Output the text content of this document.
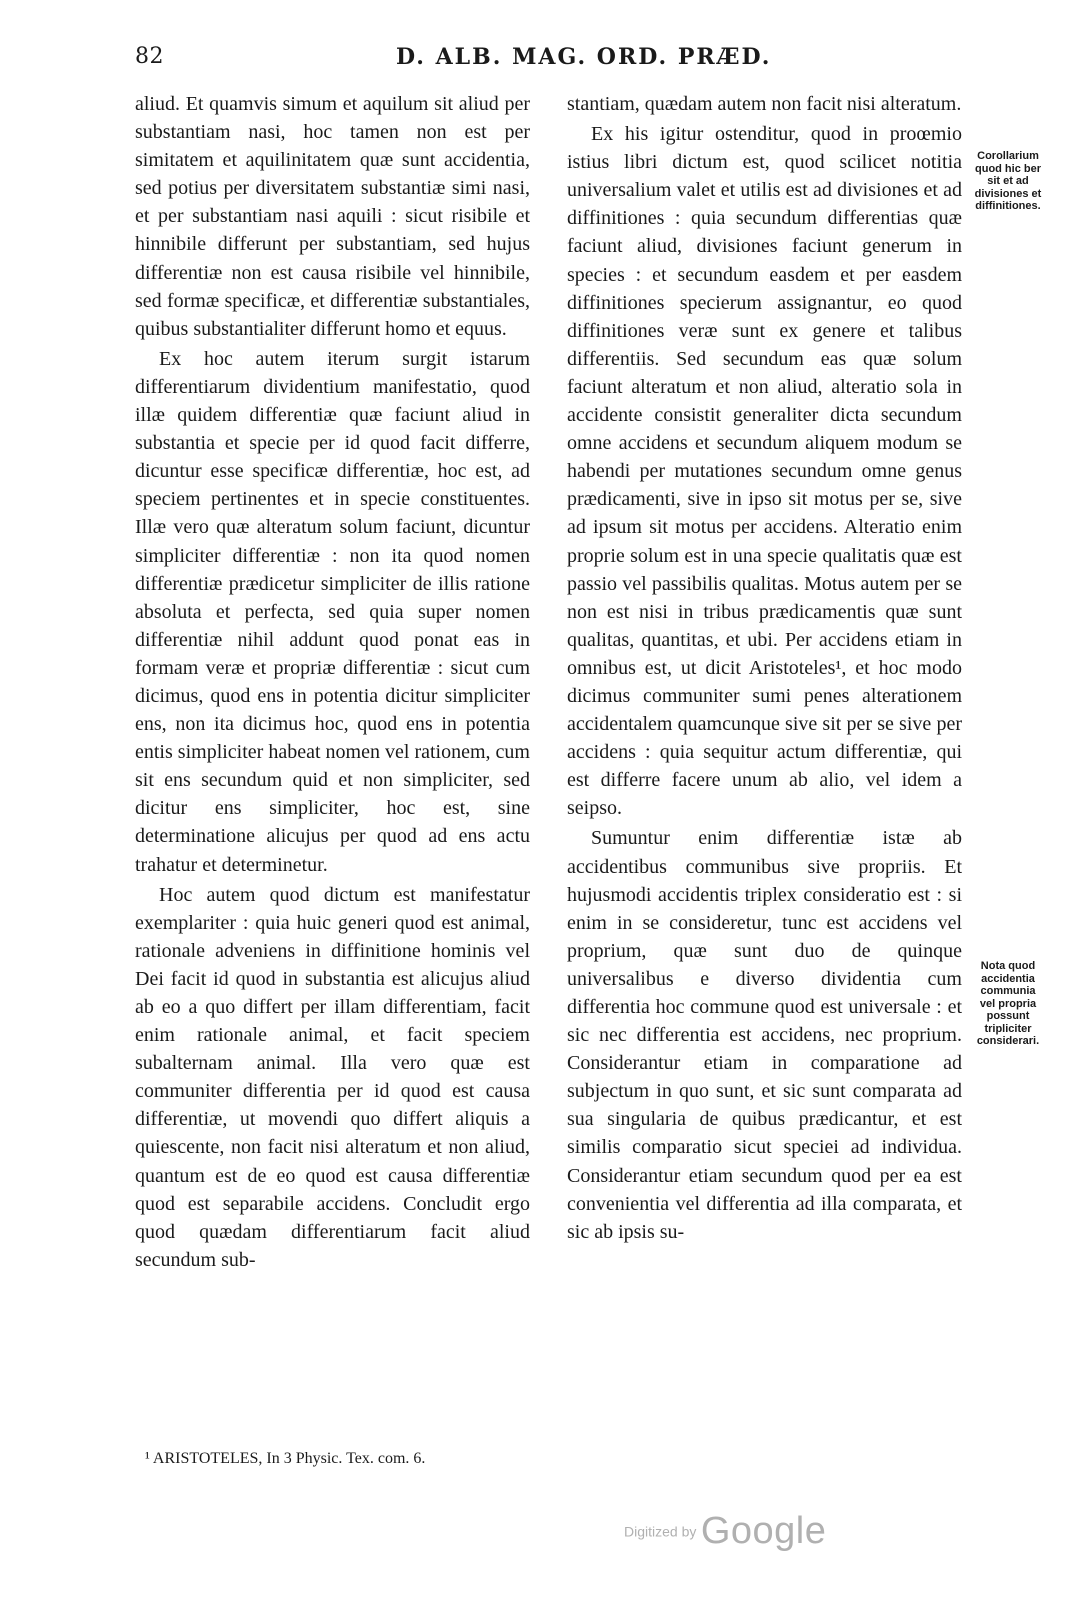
82	D. ALB. MAG. ORD. PRÆD.

aliud. Et quamvis simum et aquilum sit aliud per substantiam nasi, hoc tamen non est per simitatem et aquilinitatem quæ sunt accidentia, sed potius per diversitatem substantiæ simi nasi, et per substantiam nasi aquili : sicut risibile et hinnibile differunt per substantiam, sed hujus differentiæ non est causa risibile vel hinnibile, sed formæ specificæ, et differentiæ substantiales, quibus substantialiter differunt homo et equus.

Ex hoc autem iterum surgit istarum differentiarum dividentium manifestatio, quod illæ quidem differentiæ quæ faciunt aliud in substantia et specie per id quod facit differre, dicuntur esse specificæ differentiæ, hoc est, ad speciem pertinentes et in specie constituentes. Illæ vero quæ alteratum solum faciunt, dicuntur simpliciter differentiæ : non ita quod nomen differentiæ prædicetur simpliciter de illis ratione absoluta et perfecta, sed quia super nomen differentiæ nihil addunt quod ponat eas in formam veræ et propriæ differentiæ : sicut cum dicimus, quod ens in potentia dicitur simpliciter ens, non ita dicimus hoc, quod ens in potentia entis simpliciter habeat nomen vel rationem, cum sit ens secundum quid et non simpliciter, sed dicitur ens simpliciter, hoc est, sine determinatione alicujus per quod ad ens actu trahatur et determinetur.

Hoc autem quod dictum est manifestatur exemplariter : quia huic generi quod est animal, rationale adveniens in diffinitione hominis vel Dei facit id quod in substantia est alicujus aliud ab eo a quo differt per illam differentiam, facit enim rationale animal, et facit speciem subalternam animal. Illa vero quæ est communiter differentia per id quod est causa differentiæ, ut movendi quo differt aliquis a quiescente, non facit nisi alteratum et non aliud, quantum est de eo quod est causa differentiæ quod est separabile accidens. Concludit ergo quod quædam differentiarum facit aliud secundum sub-

stantiam, quædam autem non facit nisi alteratum.

Ex his igitur ostenditur, quod in proœmio istius libri dictum est, quod scilicet notitia universalium valet et utilis est ad divisiones et ad diffinitiones : quia secundum differentias quæ faciunt aliud, divisiones faciunt generum in species : et secundum easdem et per easdem diffinitiones specierum assignantur, eo quod diffinitiones veræ sunt ex genere et talibus differentiis. Sed secundum eas quæ solum faciunt alteratum et non aliud, alteratio sola in accidente consistit generaliter dicta secundum omne accidens et secundum aliquem modum se habendi per mutationes secundum omne genus prædicamenti, sive in ipso sit motus per se, sive ad ipsum sit motus per accidens. Alteratio enim proprie solum est in una specie qualitatis quæ est passio vel passibilis qualitas. Motus autem per se non est nisi in tribus prædicamentis quæ sunt qualitas, quantitas, et ubi. Per accidens etiam in omnibus est, ut dicit Aristoteles¹, et hoc modo dicimus communiter sumi penes alterationem accidentalem quamcunque sive sit per se sive per accidens : quia sequitur actum differentiæ, qui est differre facere unum ab alio, vel idem a seipso.

Sumuntur enim differentiæ istæ ab accidentibus communibus sive propriis. Et hujusmodi accidentis triplex consideratio est : si enim in se consideretur, tunc est accidens vel proprium, quæ sunt duo de quinque universalibus e diverso dividentia cum differentia hoc commune quod est universale : et sic nec differentia est accidens, nec proprium. Considerantur etiam in comparatione ad subjectum in quo sunt, et sic sunt comparata ad sua singularia de quibus prædicantur, et est similis comparatio sicut speciei ad individua. Considerantur etiam secundum quod per ea est convenientia vel differentia ad illa comparata, et sic ab ipsis su-

Corollarium quod hic ber sit et ad divisiones et diffinitiones.
Nota quod accidentia communia vel propria possunt tripliciter considerari.
¹ ARISTOTELES, In 3 Physic. Tex. com. 6.
Digitized by Google
